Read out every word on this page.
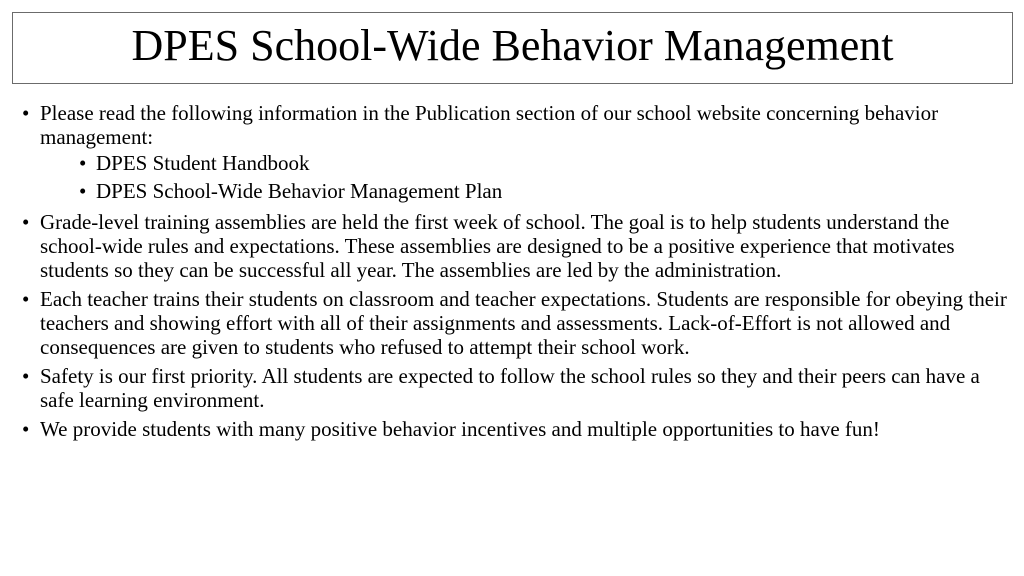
DPES School-Wide Behavior Management
• Please read the following information in the Publication section of our school website concerning behavior management:
• DPES Student Handbook
• DPES School-Wide Behavior Management Plan
• Grade-level training assemblies are held the first week of school. The goal is to help students understand the school-wide rules and expectations. These assemblies are designed to be a positive experience that motivates students so they can be successful all year. The assemblies are led by the administration.
• Each teacher trains their students on classroom and teacher expectations. Students are responsible for obeying their teachers and showing effort with all of their assignments and assessments. Lack-of-Effort is not allowed and consequences are given to students who refused to attempt their school work.
• Safety is our first priority. All students are expected to follow the school rules so they and their peers can have a safe learning environment.
• We provide students with many positive behavior incentives and multiple opportunities to have fun!
